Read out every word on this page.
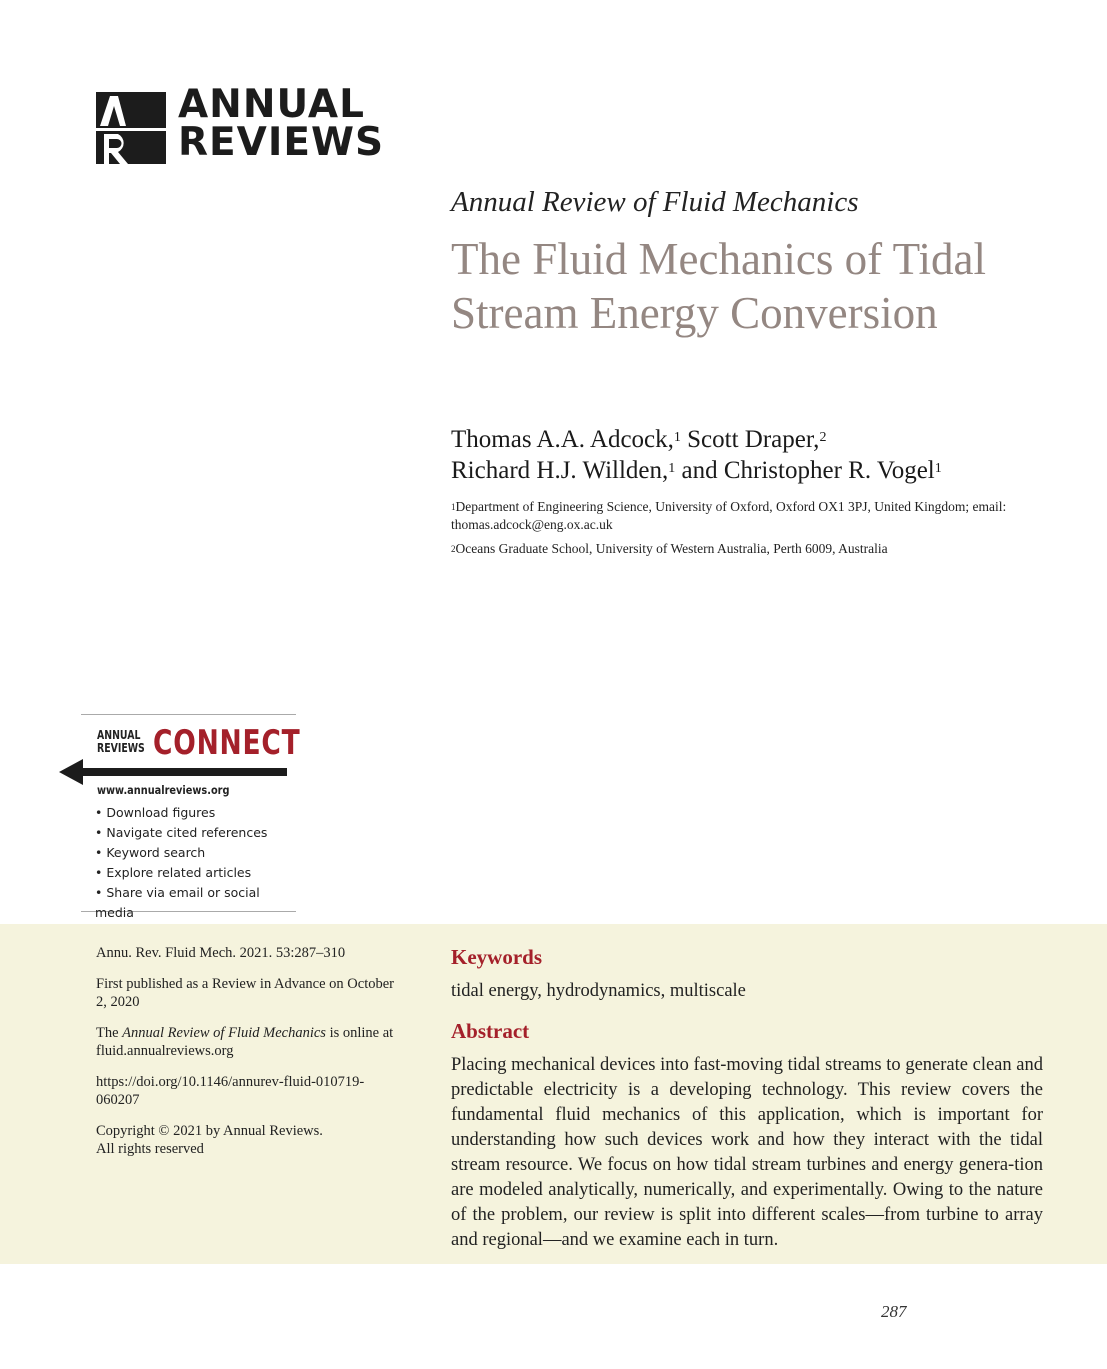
ANNUAL
REVIEWS
Annual Review of Fluid Mechanics
The Fluid Mechanics of Tidal Stream Energy Conversion
Thomas A.A. Adcock,$^1$ Scott Draper,$^2$
Richard H.J. Willden,$^1$ and Christopher R. Vogel$^1$

$^1$Department of Engineering Science, University of Oxford, Oxford OX1 3PJ, United Kingdom; email: thomas.adcock@eng.ox.ac.uk

$^2$Oceans Graduate School, University of Western Australia, Perth 6009, Australia

ANNUAL
REVIEWS CONNECT
www.annualreviews.org
• Download figures
• Navigate cited references
• Keyword search
• Explore related articles
• Share via email or social media

Annu. Rev. Fluid Mech. 2021. 53:287–310

First published as a Review in Advance on October 2, 2020

The Annual Review of Fluid Mechanics is online at fluid.annualreviews.org

https://doi.org/10.1146/annurev-fluid-010719-060207

Copyright © 2021 by Annual Reviews.
All rights reserved

Keywords
tidal energy, hydrodynamics, multiscale
Abstract
Placing mechanical devices into fast-moving tidal streams to generate clean and predictable electricity is a developing technology. This review covers the fundamental fluid mechanics of this application, which is important for understanding how such devices work and how they interact with the tidal stream resource. We focus on how tidal stream turbines and energy genera-tion are modeled analytically, numerically, and experimentally. Owing to the nature of the problem, our review is split into different scales—from turbine to array and regional—and we examine each in turn.
287
